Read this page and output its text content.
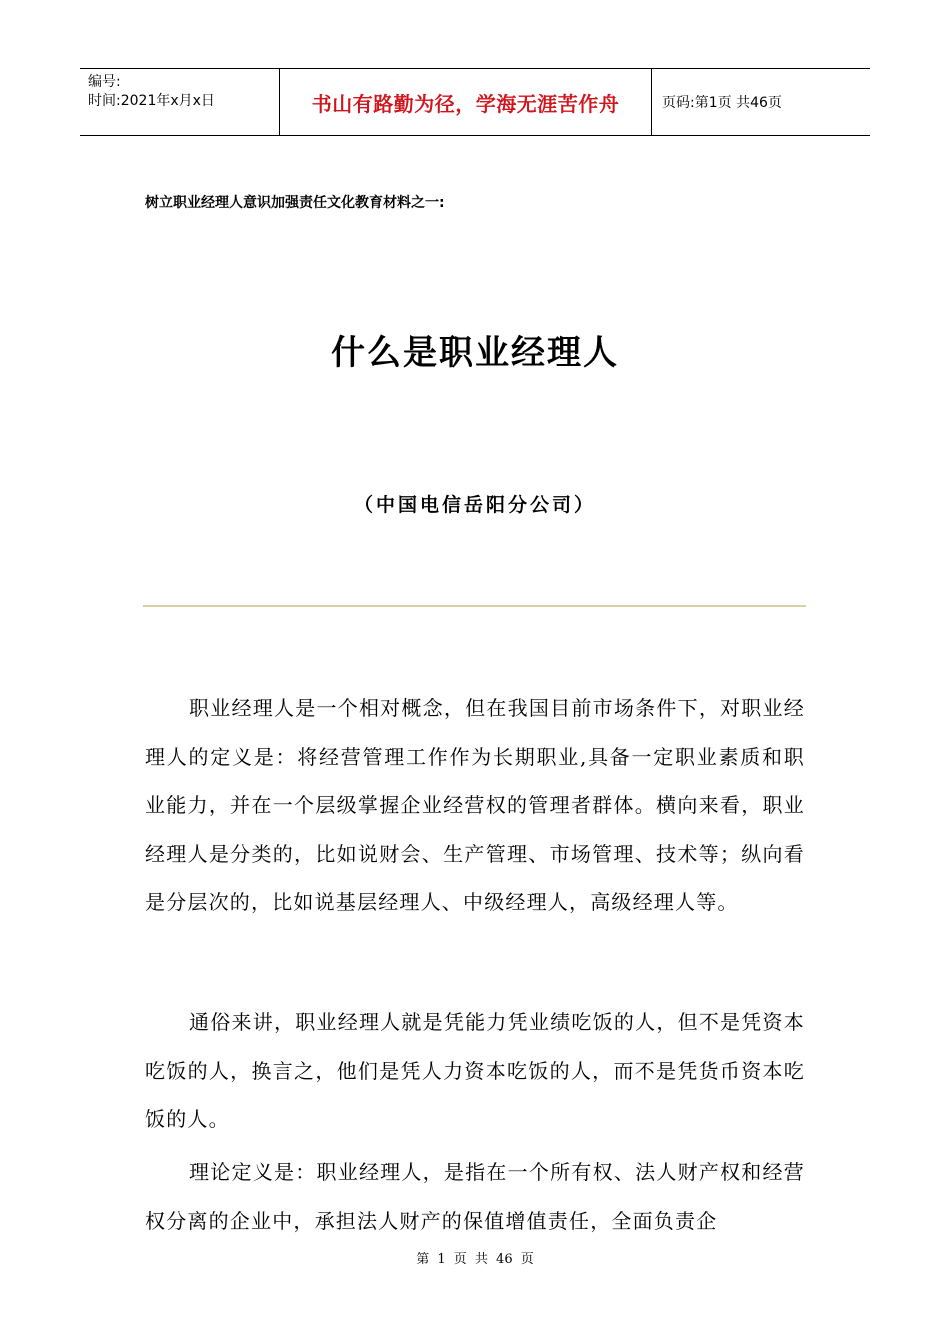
编号:
时间:2021年x月x日	书山有路勤为径，学海无涯苦作舟	页码:第1页 共46页
树立职业经理人意识加强责任文化教育材料之一:
什么是职业经理人
（中国电信岳阳分公司）

职业经理人是一个相对概念，但在我国目前市场条件下，对职业经理人的定义是：将经营管理工作作为长期职业,具备一定职业素质和职业能力，并在一个层级掌握企业经营权的管理者群体。横向来看，职业经理人是分类的，比如说财会、生产管理、市场管理、技术等；纵向看是分层次的，比如说基层经理人、中级经理人，高级经理人等。

通俗来讲，职业经理人就是凭能力凭业绩吃饭的人，但不是凭资本吃饭的人，换言之，他们是凭人力资本吃饭的人，而不是凭货币资本吃饭的人。

理论定义是：职业经理人，是指在一个所有权、法人财产权和经营权分离的企业中，承担法人财产的保值增值责任，全面负责企

第 1 页 共 46 页
